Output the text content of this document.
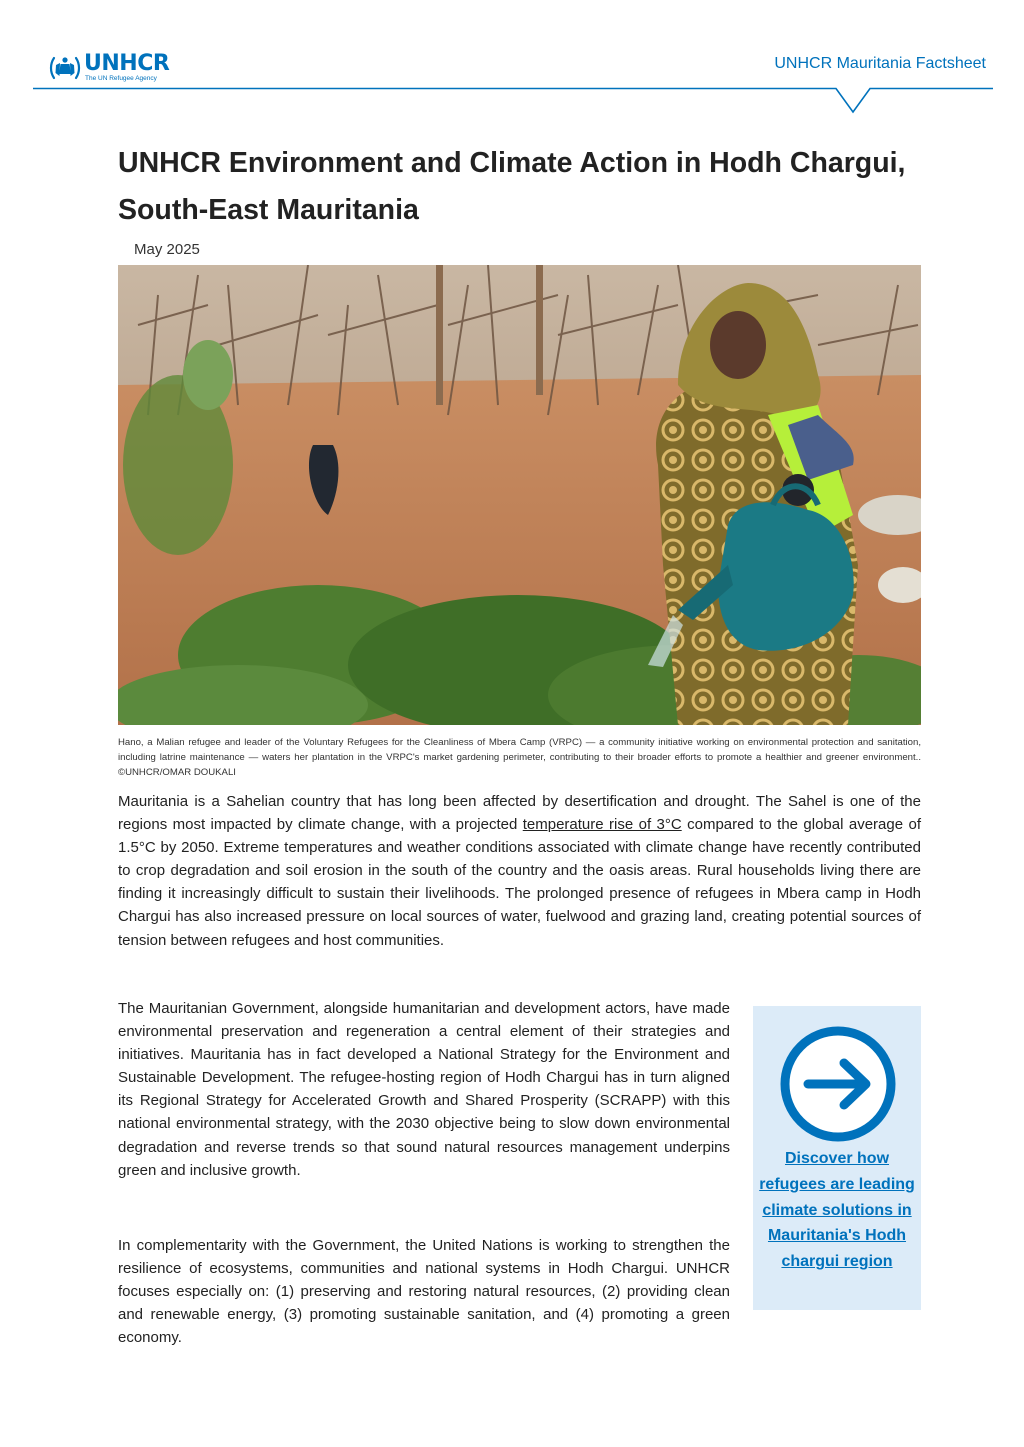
UNHCR
The UN Refugee Agency
UNHCR Mauritania Factsheet
UNHCR Environment and Climate Action in Hodh Chargui, South-East Mauritania
May 2025

Hano, a Malian refugee and leader of the Voluntary Refugees for the Cleanliness of Mbera Camp (VRPC) — a community initiative working on environmental protection and sanitation, including latrine maintenance — waters her plantation in the VRPC's market gardening perimeter, contributing to their broader efforts to promote a healthier and greener environment.. ©UNHCR/OMAR DOUKALI

Mauritania is a Sahelian country that has long been affected by desertification and drought. The Sahel is one of the regions most impacted by climate change, with a projected temperature rise of 3°C compared to the global average of 1.5°C by 2050. Extreme temperatures and weather conditions associated with climate change have recently contributed to crop degradation and soil erosion in the south of the country and the oasis areas. Rural households living there are finding it increasingly difficult to sustain their livelihoods. The prolonged presence of refugees in Mbera camp in Hodh Chargui has also increased pressure on local sources of water, fuelwood and grazing land, creating potential sources of tension between refugees and host communities.

The Mauritanian Government, alongside humanitarian and development actors, have made environmental preservation and regeneration a central element of their strategies and initiatives. Mauritania has in fact developed a National Strategy for the Environment and Sustainable Development. The refugee-hosting region of Hodh Chargui has in turn aligned its Regional Strategy for Accelerated Growth and Shared Prosperity (SCRAPP) with this national environmental strategy, with the 2030 objective being to slow down environmental degradation and reverse trends so that sound natural resources management underpins green and inclusive growth.

In complementarity with the Government, the United Nations is working to strengthen the resilience of ecosystems, communities and national systems in Hodh Chargui. UNHCR focuses especially on: (1) preserving and restoring natural resources, (2) providing clean and renewable energy, (3) promoting sustainable sanitation, and (4) promoting a green economy.

Discover how refugees are leading climate solutions in Mauritania's Hodh chargui region
